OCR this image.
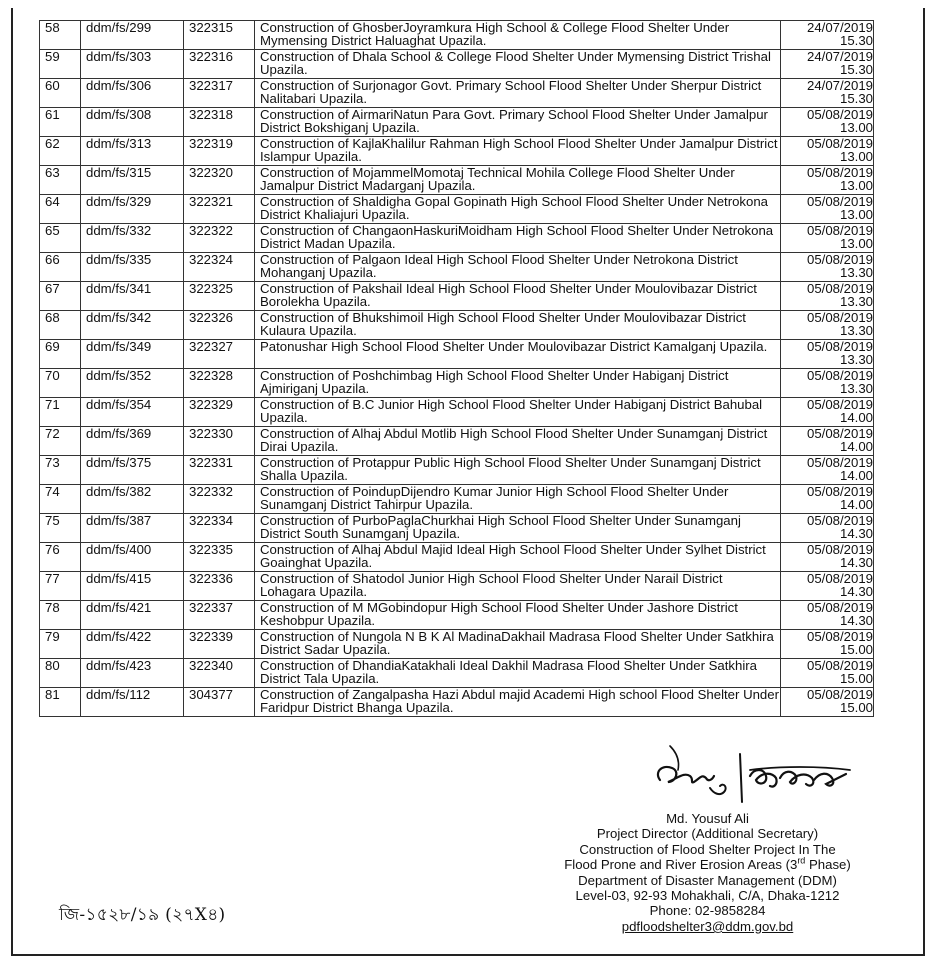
58	ddm/fs/299	322315	Construction of GhosberJoyramkura High School & College Flood Shelter Under Mymensing District Haluaghat Upazila.	24/07/2019
15.30

59	ddm/fs/303	322316	Construction of Dhala School & College Flood Shelter Under Mymensing District Trishal Upazila.	24/07/2019
15.30

60	ddm/fs/306	322317	Construction of Surjonagor Govt. Primary School Flood Shelter Under Sherpur District Nalitabari Upazila.	24/07/2019
15.30

61	ddm/fs/308	322318	Construction of AirmariNatun Para Govt. Primary School Flood Shelter Under Jamalpur District Bokshiganj Upazila.	05/08/2019
13.00

62	ddm/fs/313	322319	Construction of KajlaKhalilur Rahman High School Flood Shelter Under Jamalpur District Islampur Upazila.	05/08/2019
13.00

63	ddm/fs/315	322320	Construction of MojammelMomotaj Technical Mohila College Flood Shelter Under Jamalpur District Madarganj Upazila.	05/08/2019
13.00

64	ddm/fs/329	322321	Construction of Shaldigha Gopal Gopinath High School Flood Shelter Under Netrokona District Khaliajuri Upazila.	05/08/2019
13.00

65	ddm/fs/332	322322	Construction of ChangaonHaskuriMoidham High School Flood Shelter Under Netrokona District Madan Upazila.	05/08/2019
13.00

66	ddm/fs/335	322324	Construction of Palgaon Ideal High School Flood Shelter Under Netrokona District Mohanganj Upazila.	05/08/2019
13.30

67	ddm/fs/341	322325	Construction of Pakshail Ideal High School Flood Shelter Under Moulovibazar District Borolekha Upazila.	05/08/2019
13.30

68	ddm/fs/342	322326	Construction of Bhukshimoil High School Flood Shelter Under Moulovibazar District Kulaura Upazila.	05/08/2019
13.30

69	ddm/fs/349	322327	Patonushar High School Flood Shelter Under Moulovibazar District Kamalganj Upazila.	05/08/2019
13.30

70	ddm/fs/352	322328	Construction of Poshchimbag High School Flood Shelter Under Habiganj District Ajmiriganj Upazila.	05/08/2019
13.30

71	ddm/fs/354	322329	Construction of B.C Junior High School Flood Shelter Under Habiganj District Bahubal Upazila.	05/08/2019
14.00

72	ddm/fs/369	322330	Construction of Alhaj Abdul Motlib High School Flood Shelter Under Sunamganj District Dirai Upazila.	05/08/2019
14.00

73	ddm/fs/375	322331	Construction of Protappur Public High School Flood Shelter Under Sunamganj District Shalla Upazila.	05/08/2019
14.00

74	ddm/fs/382	322332	Construction of PoindupDijendro Kumar Junior High School Flood Shelter Under Sunamganj District Tahirpur Upazila.	05/08/2019
14.00

75	ddm/fs/387	322334	Construction of PurboPaglaChurkhai High School Flood Shelter Under Sunamganj District South Sunamganj Upazila.	05/08/2019
14.30

76	ddm/fs/400	322335	Construction of Alhaj Abdul Majid Ideal High School Flood Shelter Under Sylhet District Goainghat Upazila.	05/08/2019
14.30

77	ddm/fs/415	322336	Construction of Shatodol Junior High School Flood Shelter Under Narail District Lohagara Upazila.	05/08/2019
14.30

78	ddm/fs/421	322337	Construction of M MGobindopur High School Flood Shelter Under Jashore District Keshobpur Upazila.	05/08/2019
14.30

79	ddm/fs/422	322339	Construction of Nungola N B K Al MadinaDakhail Madrasa Flood Shelter Under Satkhira District Sadar Upazila.	05/08/2019
15.00

80	ddm/fs/423	322340	Construction of DhandiaKatakhali Ideal Dakhil Madrasa Flood Shelter Under Satkhira District Tala Upazila.	05/08/2019
15.00

81	ddm/fs/112	304377	Construction of Zangalpasha Hazi Abdul majid Academi High school Flood Shelter Under Faridpur District Bhanga Upazila.	05/08/2019
15.00
Md. Yousuf Ali
Project Director (Additional Secretary)
Construction of Flood Shelter Project In The
Flood Prone and River Erosion Areas (3rd Phase)
Department of Disaster Management (DDM)
Level-03, 92-93 Mohakhali, C/A, Dhaka-1212
Phone: 02-9858284
pdfloodshelter3@ddm.gov.bd
জি-১৫২৮/১৯ (২৭X৪)
